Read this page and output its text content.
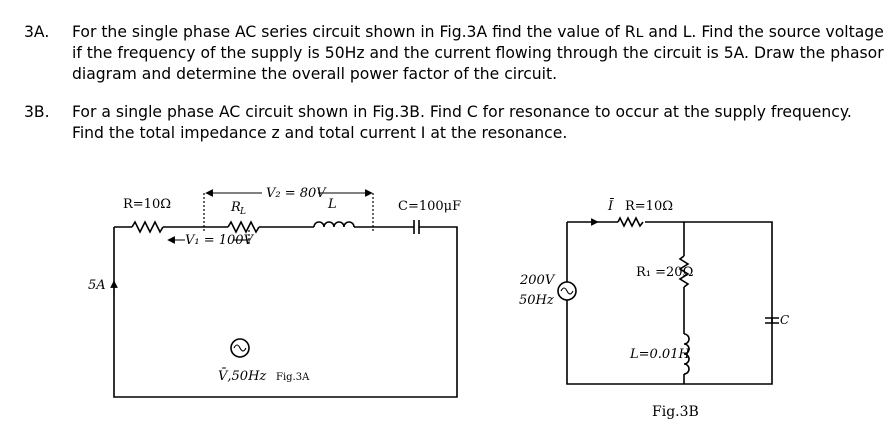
3A.	For the single phase AC series circuit shown in Fig.3A find the value of Rʟ and L. Find the source voltage if the frequency of the supply is 50Hz and the current flowing through the circuit is 5A. Draw the phasor diagram and determine the overall power factor of the circuit.
3B.	For a single phase AC circuit shown in Fig.3B. Find C for resonance to occur at the supply frequency. Find the total impedance z and total current I at the resonance.
R=10Ω	R L
V₂ = 80V
L	C=100μF
V₁ = 100V
5A
V̄,50Hz Fig.3A
Ī R=10Ω
R₁ =20Ω
L=0.01H
C
200V
50Hz
Fig.3B
